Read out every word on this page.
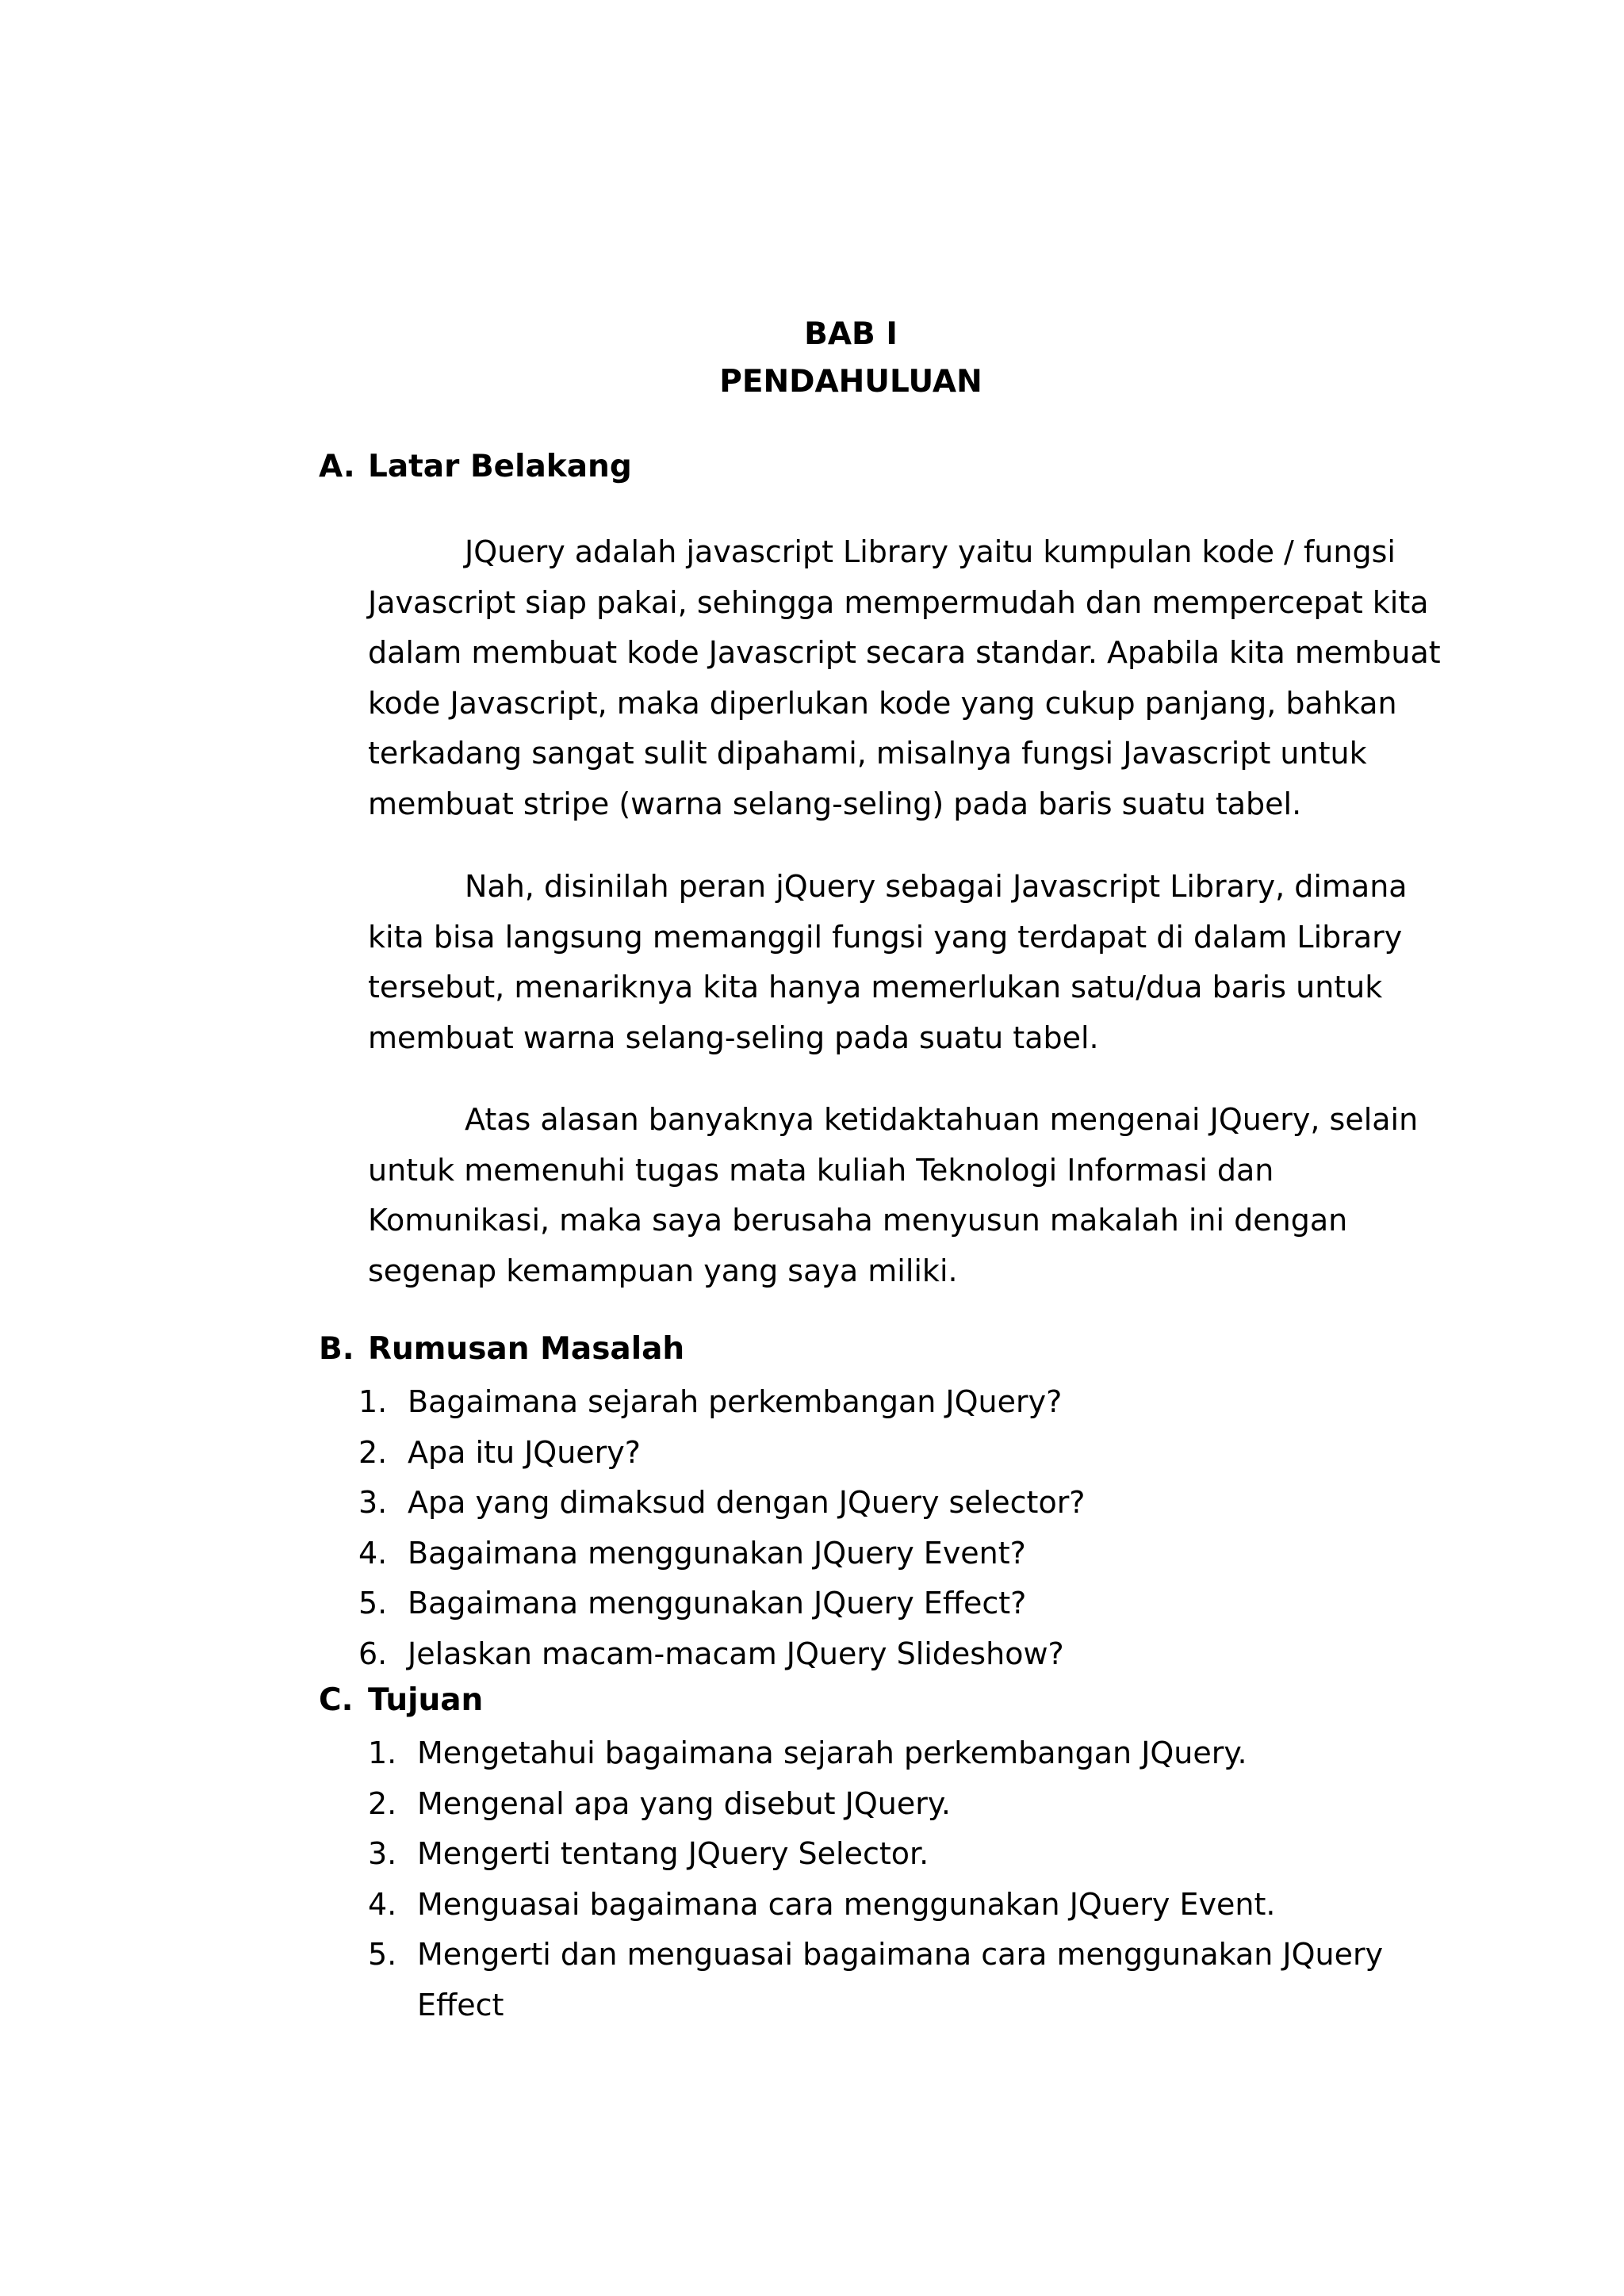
BAB I
PENDAHULUAN
A. Latar Belakang
JQuery adalah javascript Library yaitu kumpulan kode / fungsi
Javascript siap pakai, sehingga mempermudah dan mempercepat kita
dalam membuat kode Javascript secara standar. Apabila kita membuat
kode Javascript, maka diperlukan kode yang cukup panjang, bahkan
terkadang sangat sulit dipahami, misalnya fungsi Javascript untuk
membuat stripe (warna selang-seling) pada baris suatu tabel.
Nah, disinilah peran jQuery sebagai Javascript Library, dimana
kita bisa langsung memanggil fungsi yang terdapat di dalam Library
tersebut, menariknya kita hanya memerlukan satu/dua baris untuk
membuat warna selang-seling pada suatu tabel.
Atas alasan banyaknya ketidaktahuan mengenai JQuery, selain
untuk memenuhi tugas mata kuliah Teknologi Informasi dan
Komunikasi, maka saya berusaha menyusun makalah ini dengan
segenap kemampuan yang saya miliki.
B. Rumusan Masalah
1. Bagaimana sejarah perkembangan JQuery?
2. Apa itu JQuery?
3. Apa yang dimaksud dengan JQuery selector?
4. Bagaimana menggunakan JQuery Event?
5. Bagaimana menggunakan JQuery Effect?
6. Jelaskan macam-macam JQuery Slideshow?
C. Tujuan
1. Mengetahui bagaimana sejarah perkembangan JQuery.
2. Mengenal apa yang disebut JQuery.
3. Mengerti tentang JQuery Selector.
4. Menguasai bagaimana cara menggunakan JQuery Event.
5. Mengerti dan menguasai bagaimana cara menggunakan JQuery Effect
